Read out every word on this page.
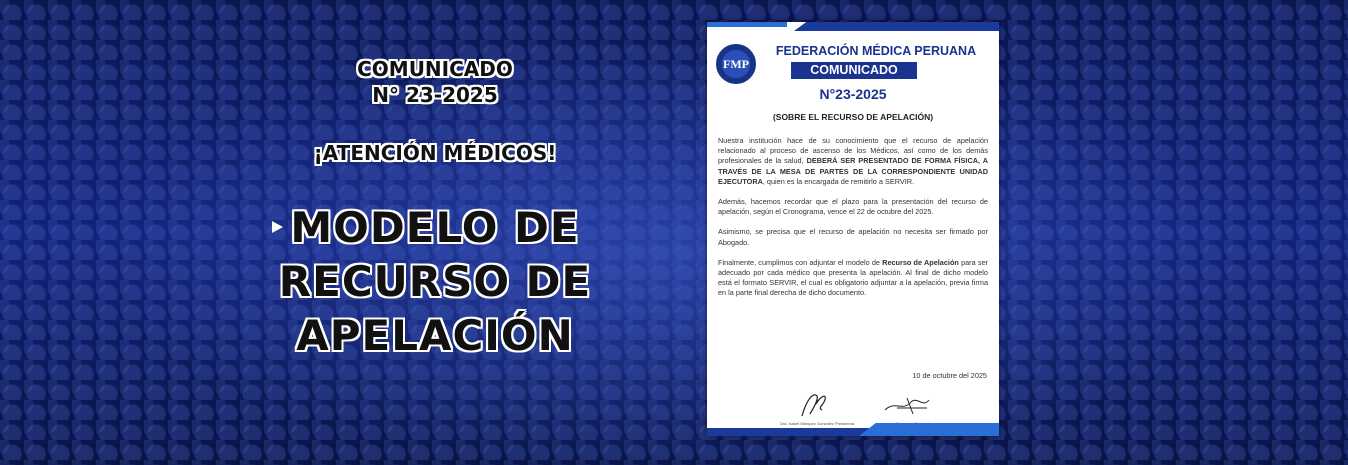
COMUNICADO
N° 23-2025
¡ATENCIÓN MÉDICOS!
MODELO DE
RECURSO DE
APELACIÓN
FMP
FEDERACIÓN MÉDICA PERUANA
COMUNICADO
N°23-2025
(SOBRE EL RECURSO DE APELACIÓN)

Nuestra institución hace de su conocimiento que el recurso de apelación relacionado al proceso de ascenso de los Médicos, así como de los demás profesionales de la salud, DEBERÁ SER PRESENTADO DE FORMA FÍSICA, A TRAVÉS DE LA MESA DE PARTES DE LA CORRESPONDIENTE UNIDAD EJECUTORA, quien es la encargada de remitirlo a SERVIR.

Además, hacemos recordar que el plazo para la presentación del recurso de apelación, según el Cronograma, vence el 22 de octubre del 2025.

Asimismo, se precisa que el recurso de apelación no necesita ser firmado por Abogado.

Finalmente, cumplimos con adjuntar el modelo de Recurso de Apelación para ser adecuado por cada médico que presenta la apelación. Al final de dicho modelo está el formato SERVIR, el cual es obligatorio adjuntar a la apelación, previa firma en la parte final derecha de dicho documento.

10 de octubre del 2025
Dra. Isabel Márquez González Presidenta
